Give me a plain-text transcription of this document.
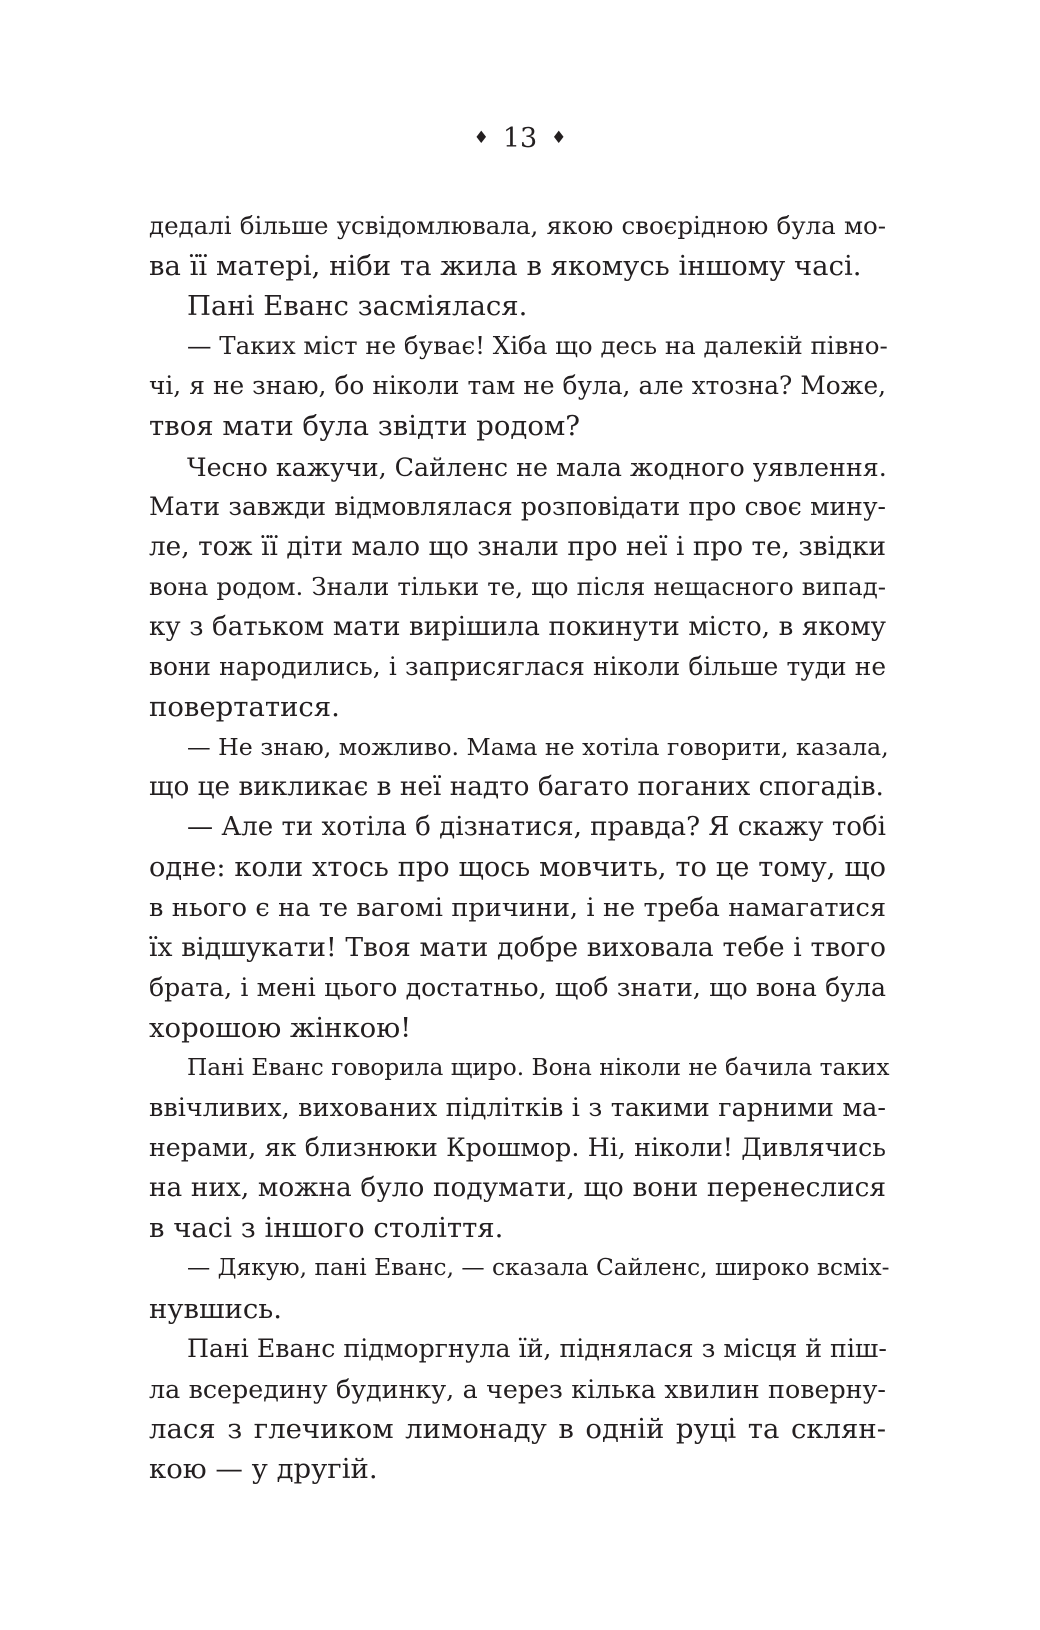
♦ 13 ♦
дедалі більше усвідомлювала, якою своєрідною була мо-
ва її матері, ніби та жила в якомусь іншому часі.
Пані Еванс засміялася.
— Таких міст не буває! Хіба що десь на далекій півно-
чі, я не знаю, бо ніколи там не була, але хтозна? Може,
твоя мати була звідти родом?
Чесно кажучи, Сайленс не мала жодного уявлення.
Мати завжди відмовлялася розповідати про своє мину-
ле, тож її діти мало що знали про неї і про те, звідки
вона родом. Знали тільки те, що після нещасного випад-
ку з батьком мати вирішила покинути місто, в якому
вони народились, і заприсяглася ніколи більше туди не
повертатися.
— Не знаю, можливо. Мама не хотіла говорити, казала,
що це викликає в неї надто багато поганих спогадів.
— Але ти хотіла б дізнатися, правда? Я скажу тобі
одне: коли хтось про щось мовчить, то це тому, що
в нього є на те вагомі причини, і не треба намагатися
їх відшукати! Твоя мати добре виховала тебе і твого
брата, і мені цього достатньо, щоб знати, що вона була
хорошою жінкою!
Пані Еванс говорила щиро. Вона ніколи не бачила таких
ввічливих, вихованих підлітків і з такими гарними ма-
нерами, як близнюки Крошмор. Ні, ніколи! Дивлячись
на них, можна було подумати, що вони перенеслися
в часі з іншого століття.
— Дякую, пані Еванс, — сказала Сайленс, широко всміх-
нувшись.
Пані Еванс підморгнула їй, піднялася з місця й піш-
ла всередину будинку, а через кілька хвилин поверну-
лася з глечиком лимонаду в одній руці та склян-
кою — у другій.
